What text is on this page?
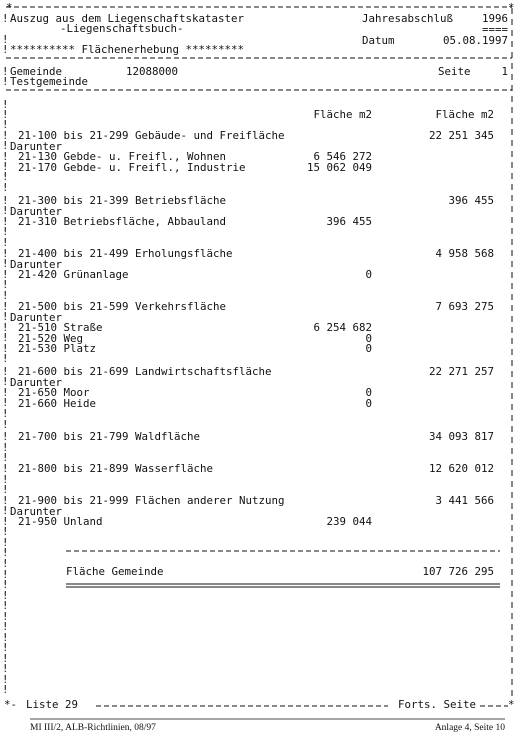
!
!
!
!
!
!
!
!
!
!
!
!
!
!
!
!
!
!
!
!
!
!
!
!
!
!
!
!
!
!
!
!
!
!
!
!
!
!
!
!
!
!
!
!
!
!
!
!
!
!
!
!
!
!
!
!
!
!
!
!
!
*	*
Auszug aus dem Liegenschaftskataster	Jahresabschluß	1996
====
-Liegenschaftsbuch-
Datum	05.08.1997
********** Flächenerhebung *********
Gemeinde	12088000
Testgemeinde
Seite	1
Fläche m2	Fläche m2
21-100 bis 21-299 Gebäude- und Freifläche	22 251 345
Darunter
21-130 Gebde- u. Freifl., Wohnen	6 546 272
21-170 Gebde- u. Freifl., Industrie	15 062 049
21-300 bis 21-399 Betriebsfläche	396 455
Darunter
21-310 Betriebsfläche, Abbauland	396 455
21-400 bis 21-499 Erholungsfläche	4 958 568
Darunter
21-420 Grünanlage	0
21-500 bis 21-599 Verkehrsfläche	7 693 275
Darunter
21-510 Straße	6 254 682
21-520 Weg	0
21-530 Platz	0
21-600 bis 21-699 Landwirtschaftsfläche	22 271 257
Darunter
21-650 Moor	0
21-660 Heide	0
21-700 bis 21-799 Waldfläche	34 093 817
21-800 bis 21-899 Wasserfläche	12 620 012
21-900 bis 21-999 Flächen anderer Nutzung	3 441 566
Darunter
21-950 Unland	239 044
Fläche Gemeinde	107 726 295
*- Liste 29	Forts. Seite	*
MI III/2, ALB-Richtlinien, 08/97	Anlage 4, Seite 10
